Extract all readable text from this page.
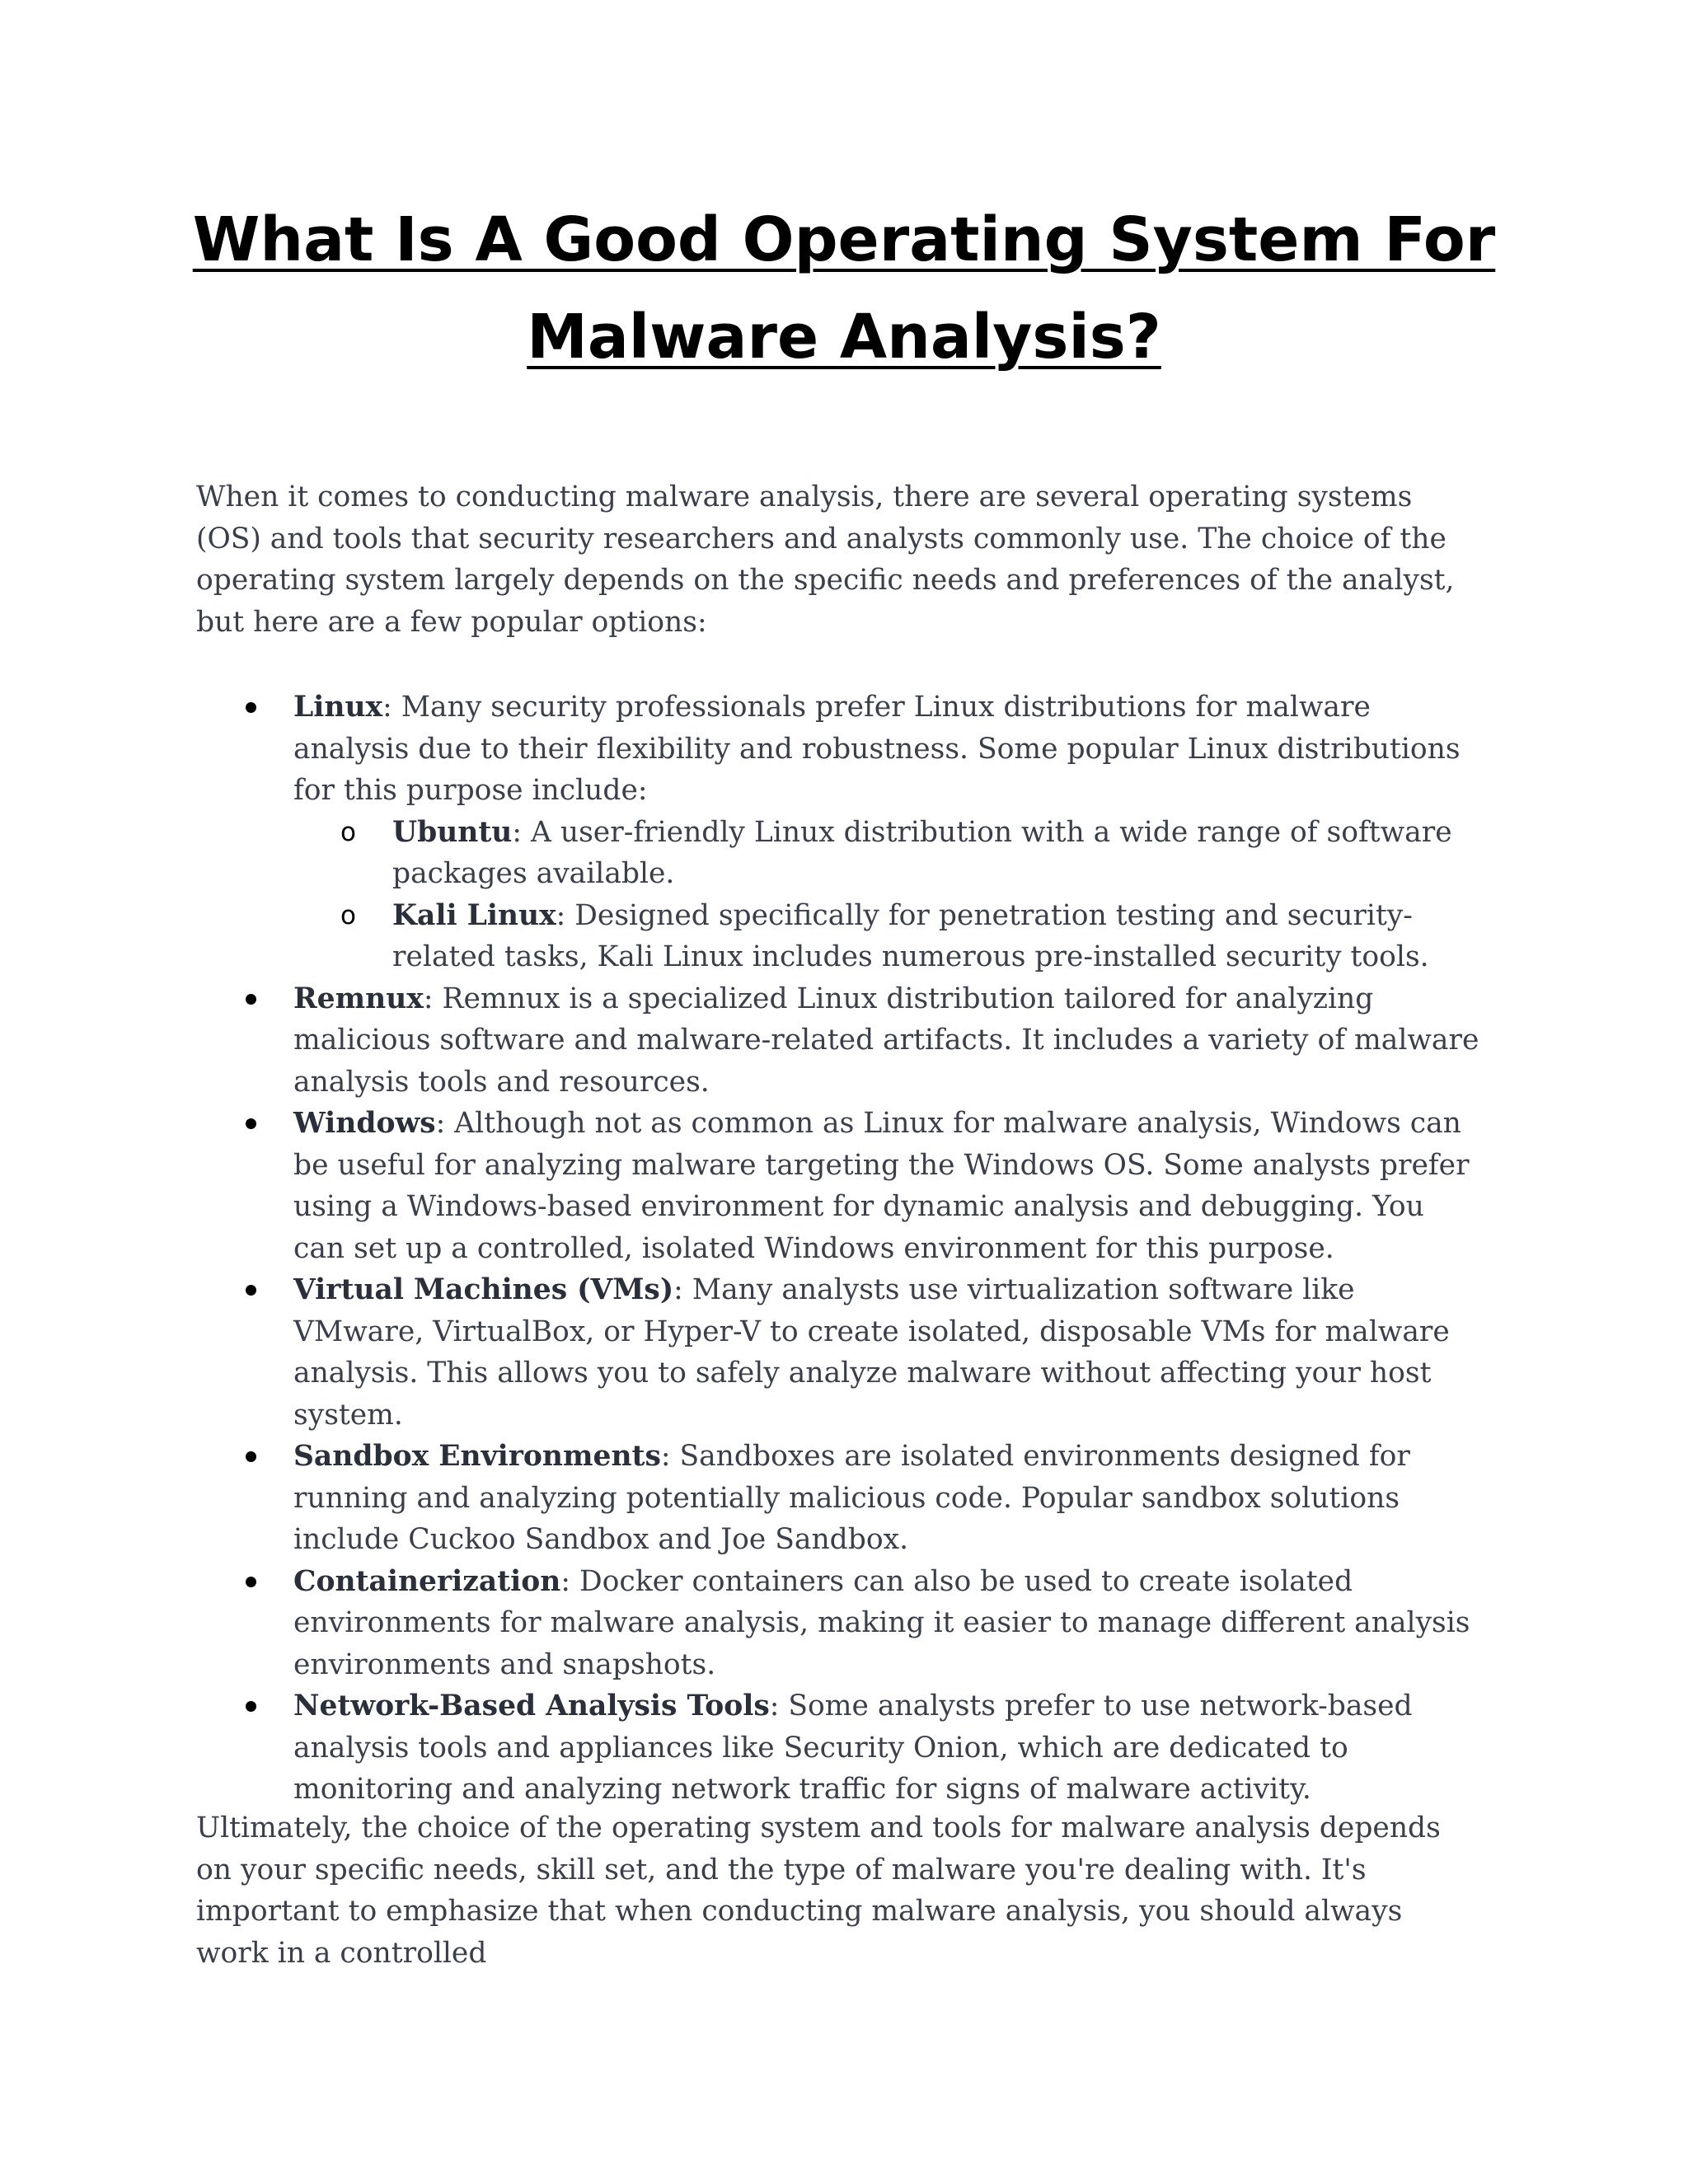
What Is A Good Operating System For Malware Analysis?

When it comes to conducting malware analysis, there are several operating systems (OS) and tools that security researchers and analysts commonly use. The choice of the operating system largely depends on the specific needs and preferences of the analyst, but here are a few popular options:

Linux: Many security professionals prefer Linux distributions for malware analysis due to their flexibility and robustness. Some popular Linux distributions for this purpose include:
o Ubuntu: A user-friendly Linux distribution with a wide range of software packages available.
o Kali Linux: Designed specifically for penetration testing and security-related tasks, Kali Linux includes numerous pre-installed security tools.
Remnux: Remnux is a specialized Linux distribution tailored for analyzing malicious software and malware-related artifacts. It includes a variety of malware analysis tools and resources.
Windows: Although not as common as Linux for malware analysis, Windows can be useful for analyzing malware targeting the Windows OS. Some analysts prefer using a Windows-based environment for dynamic analysis and debugging. You can set up a controlled, isolated Windows environment for this purpose.
Virtual Machines (VMs): Many analysts use virtualization software like VMware, VirtualBox, or Hyper-V to create isolated, disposable VMs for malware analysis. This allows you to safely analyze malware without affecting your host system.
Sandbox Environments: Sandboxes are isolated environments designed for running and analyzing potentially malicious code. Popular sandbox solutions include Cuckoo Sandbox and Joe Sandbox.
Containerization: Docker containers can also be used to create isolated environments for malware analysis, making it easier to manage different analysis environments and snapshots.
Network-Based Analysis Tools: Some analysts prefer to use network-based analysis tools and appliances like Security Onion, which are dedicated to monitoring and analyzing network traffic for signs of malware activity.

Ultimately, the choice of the operating system and tools for malware analysis depends on your specific needs, skill set, and the type of malware you're dealing with. It's important to emphasize that when conducting malware analysis, you should always work in a controlled
